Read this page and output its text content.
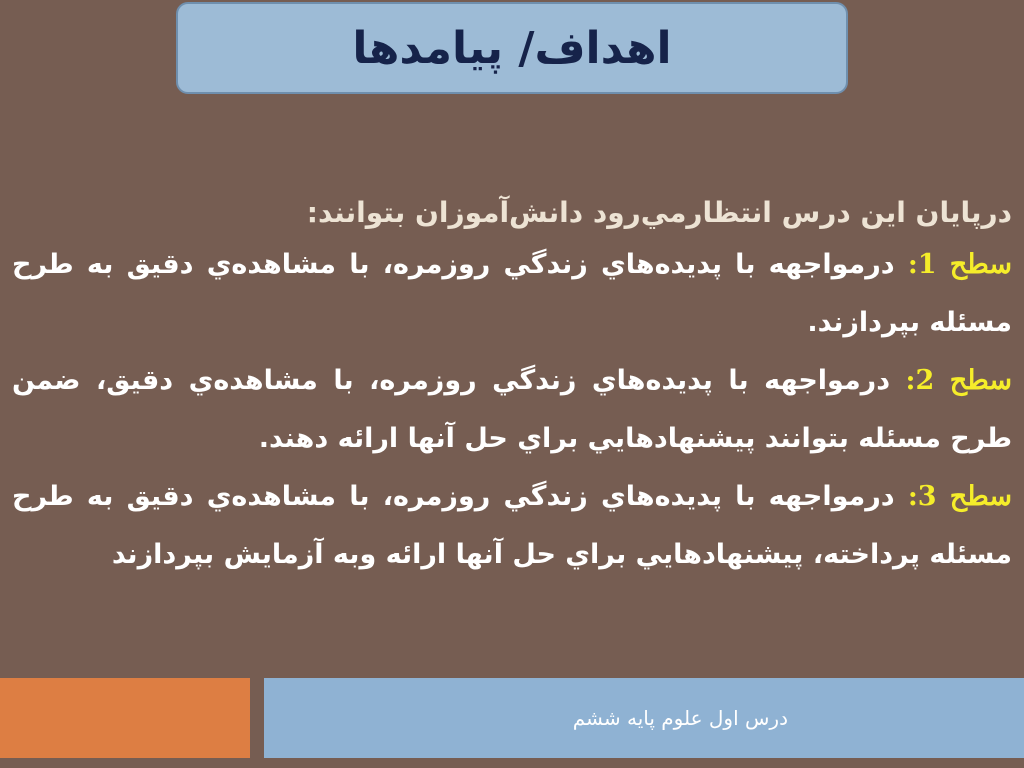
اهداف/ پیامدها

درپایان این درس انتظارمي‌رود دانش‌آموزان بتوانند:

سطح 1: درمواجهه با پديده‌هاي زندگي روزمره، با مشاهده‌ي دقيق به طرح مسئله بپردازند.

سطح 2: درمواجهه با پديده‌هاي زندگي روزمره، با مشاهده‌ي دقيق، ضمن طرح مسئله بتوانند پیشنهادهايي براي حل آنها ارائه دهند.

سطح 3: درمواجهه با پديده‌هاي زندگي روزمره، با مشاهده‌ي دقيق به طرح مسئله پرداخته، پیشنهادهايي براي حل آنها ارائه وبه آزمايش بپردازند

درس اول علوم پایه ششم
